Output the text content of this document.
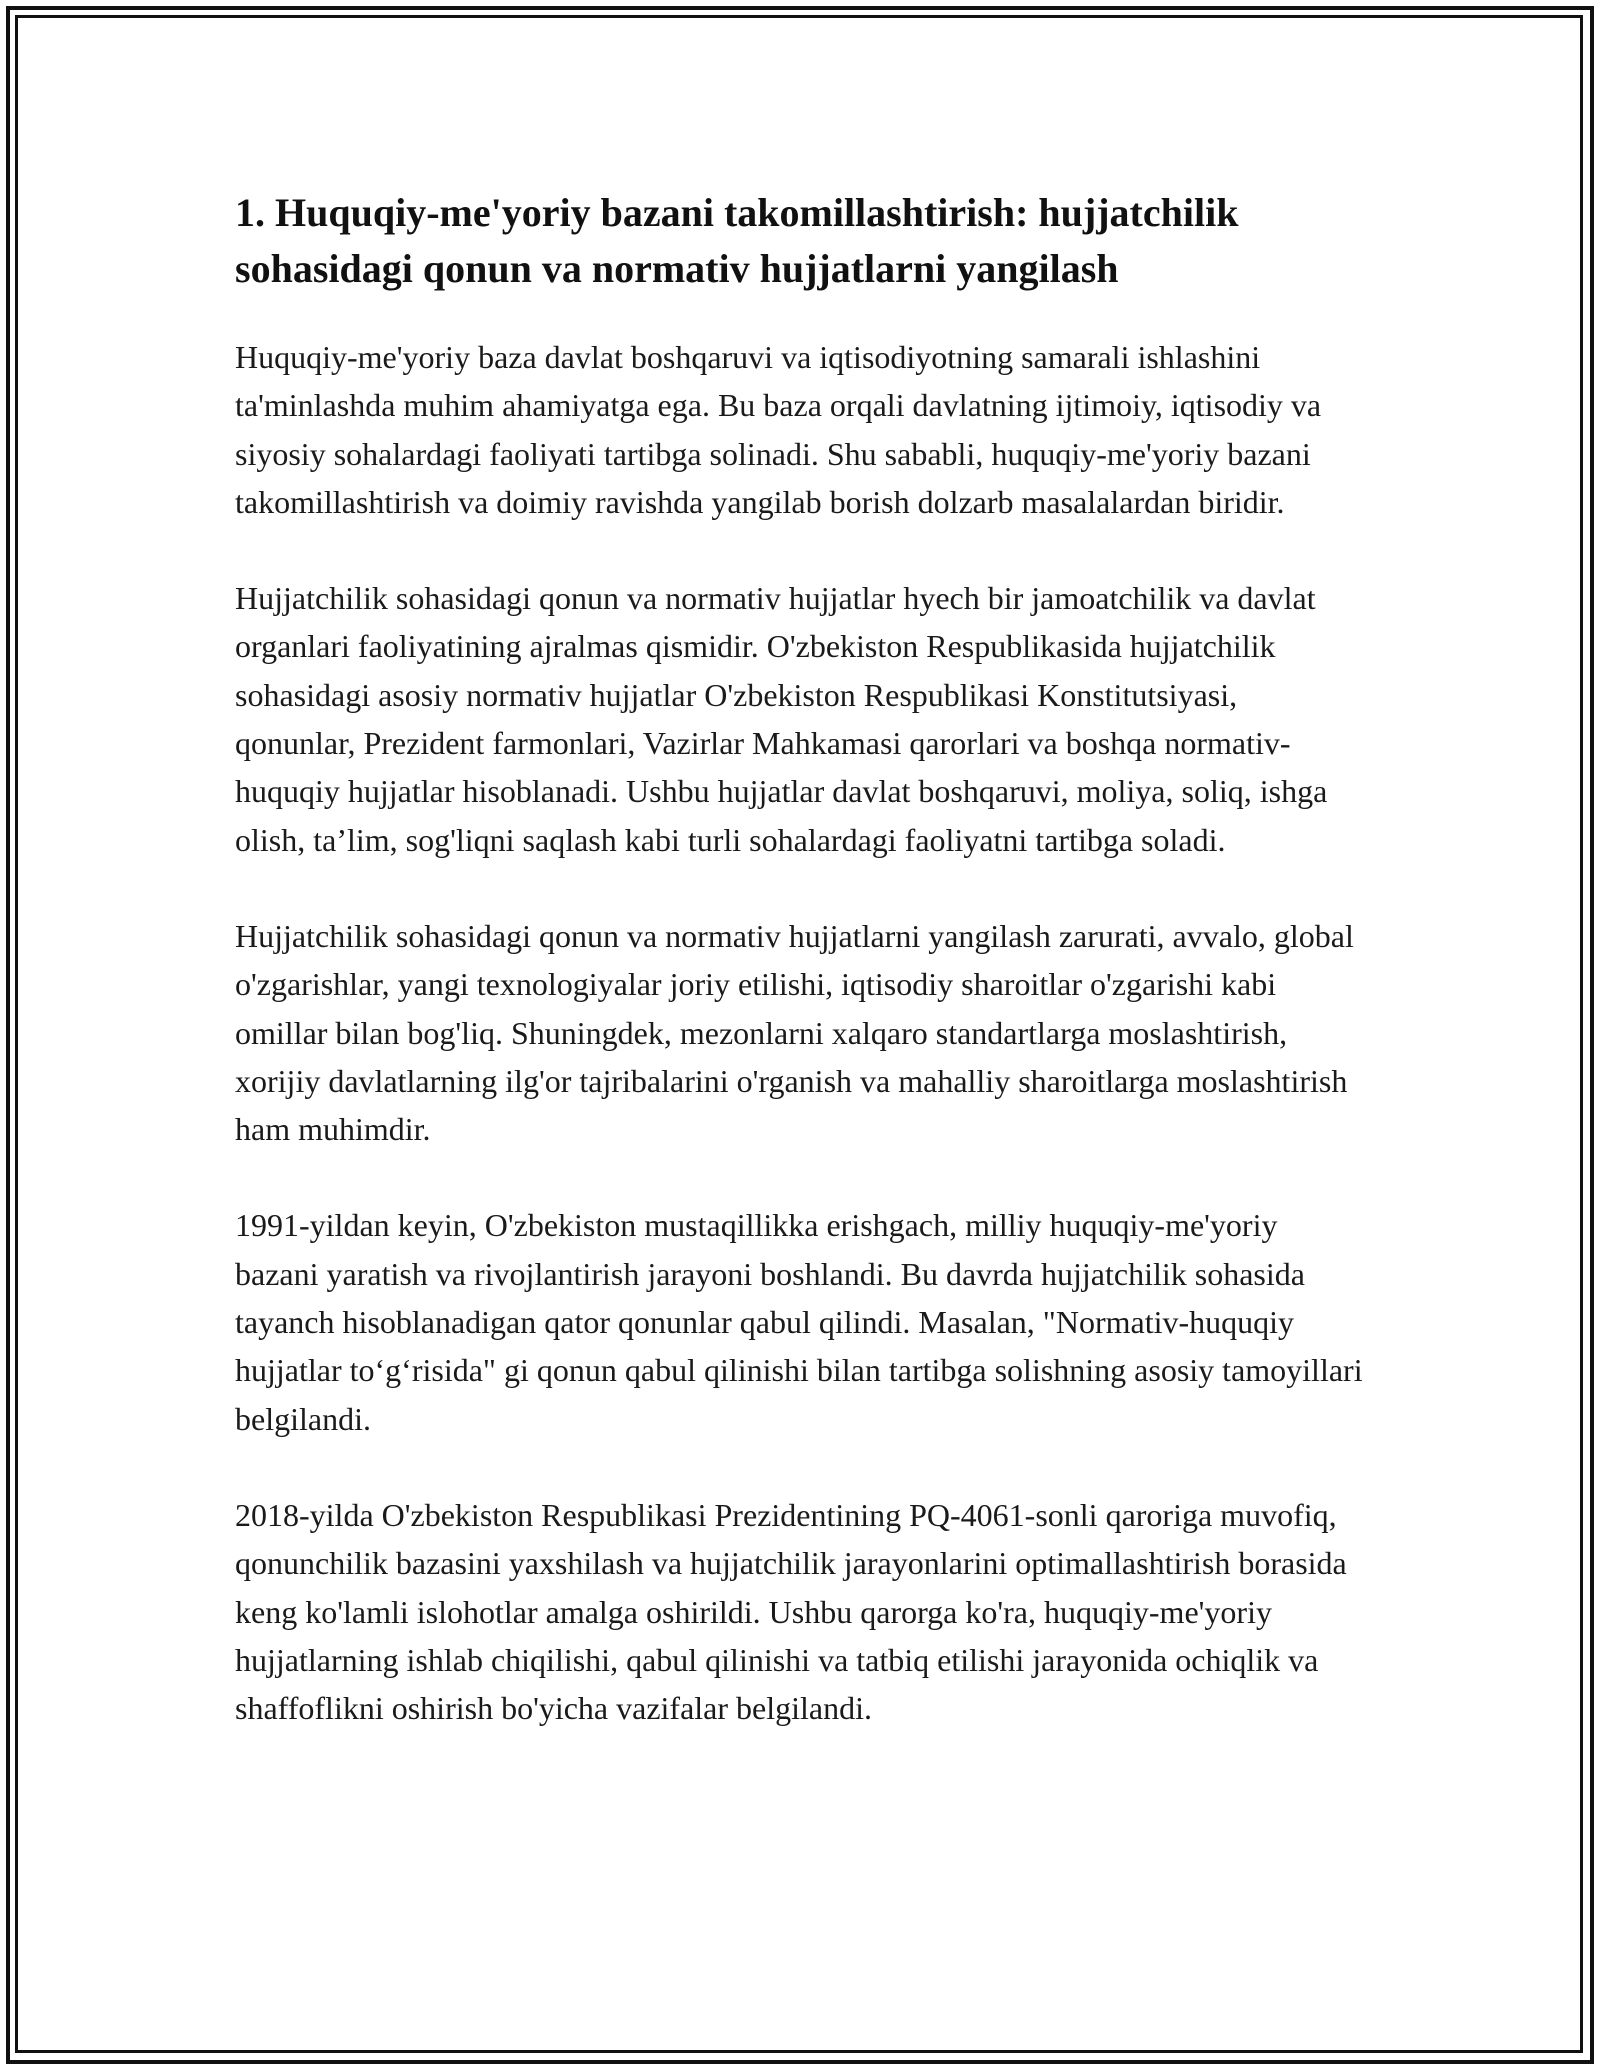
1. Huquqiy-me'yoriy bazani takomillashtirish: hujjatchilik sohasidagi qonun va normativ hujjatlarni yangilash

Huquqiy-me'yoriy baza davlat boshqaruvi va iqtisodiyotning samarali ishlashini ta'minlashda muhim ahamiyatga ega. Bu baza orqali davlatning ijtimoiy, iqtisodiy va siyosiy sohalardagi faoliyati tartibga solinadi. Shu sababli, huquqiy-me'yoriy bazani takomillashtirish va doimiy ravishda yangilab borish dolzarb masalalardan biridir.

Hujjatchilik sohasidagi qonun va normativ hujjatlar hyech bir jamoatchilik va davlat organlari faoliyatining ajralmas qismidir. O'zbekiston Respublikasida hujjatchilik sohasidagi asosiy normativ hujjatlar O'zbekiston Respublikasi Konstitutsiyasi, qonunlar, Prezident farmonlari, Vazirlar Mahkamasi qarorlari va boshqa normativ-huquqiy hujjatlar hisoblanadi. Ushbu hujjatlar davlat boshqaruvi, moliya, soliq, ishga olish, ta’lim, sog'liqni saqlash kabi turli sohalardagi faoliyatni tartibga soladi.

Hujjatchilik sohasidagi qonun va normativ hujjatlarni yangilash zarurati, avvalo, global o'zgarishlar, yangi texnologiyalar joriy etilishi, iqtisodiy sharoitlar o'zgarishi kabi omillar bilan bog'liq. Shuningdek, mezonlarni xalqaro standartlarga moslashtirish, xorijiy davlatlarning ilg'or tajribalarini o'rganish va mahalliy sharoitlarga moslashtirish ham muhimdir.

1991-yildan keyin, O'zbekiston mustaqillikka erishgach, milliy huquqiy-me'yoriy bazani yaratish va rivojlantirish jarayoni boshlandi. Bu davrda hujjatchilik sohasida tayanch hisoblanadigan qator qonunlar qabul qilindi. Masalan, "Normativ-huquqiy hujjatlar to‘g‘risida" gi qonun qabul qilinishi bilan tartibga solishning asosiy tamoyillari belgilandi.

2018-yilda O'zbekiston Respublikasi Prezidentining PQ-4061-sonli qaroriga muvofiq, qonunchilik bazasini yaxshilash va hujjatchilik jarayonlarini optimallashtirish borasida keng ko'lamli islohotlar amalga oshirildi. Ushbu qarorga ko'ra, huquqiy-me'yoriy hujjatlarning ishlab chiqilishi, qabul qilinishi va tatbiq etilishi jarayonida ochiqlik va shaffoflikni oshirish bo'yicha vazifalar belgilandi.
